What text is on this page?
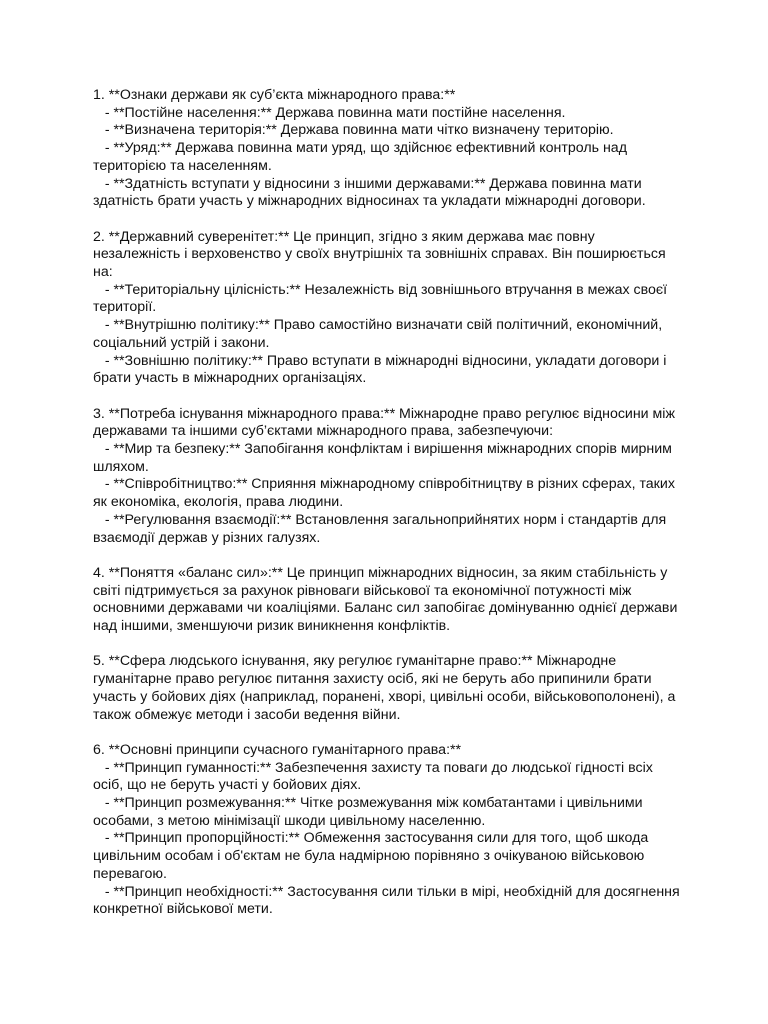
1. **Ознаки держави як суб’єкта міжнародного права:**
- **Постійне населення:** Держава повинна мати постійне населення.
- **Визначена територія:** Держава повинна мати чітко визначену територію.
- **Уряд:** Держава повинна мати уряд, що здійснює ефективний контроль над територією та населенням.
- **Здатність вступати у відносини з іншими державами:** Держава повинна мати здатність брати участь у міжнародних відносинах та укладати міжнародні договори.
2. **Державний суверенітет:** Це принцип, згідно з яким держава має повну незалежність і верховенство у своїх внутрішніх та зовнішніх справах. Він поширюється на:
- **Територіальну цілісність:** Незалежність від зовнішнього втручання в межах своєї території.
- **Внутрішню політику:** Право самостійно визначати свій політичний, економічний, соціальний устрій і закони.
- **Зовнішню політику:** Право вступати в міжнародні відносини, укладати договори і брати участь в міжнародних організаціях.
3. **Потреба існування міжнародного права:** Міжнародне право регулює відносини між державами та іншими суб’єктами міжнародного права, забезпечуючи:
- **Мир та безпеку:** Запобігання конфліктам і вирішення міжнародних спорів мирним шляхом.
- **Співробітництво:** Сприяння міжнародному співробітництву в різних сферах, таких як економіка, екологія, права людини.
- **Регулювання взаємодії:** Встановлення загальноприйнятих норм і стандартів для взаємодії держав у різних галузях.
4. **Поняття «баланс сил»:** Це принцип міжнародних відносин, за яким стабільність у світі підтримується за рахунок рівноваги військової та економічної потужності між основними державами чи коаліціями. Баланс сил запобігає домінуванню однієї держави над іншими, зменшуючи ризик виникнення конфліктів.
5. **Сфера людського існування, яку регулює гуманітарне право:** Міжнародне гуманітарне право регулює питання захисту осіб, які не беруть або припинили брати участь у бойових діях (наприклад, поранені, хворі, цивільні особи, військовополонені), а також обмежує методи і засоби ведення війни.
6. **Основні принципи сучасного гуманітарного права:**
- **Принцип гуманності:** Забезпечення захисту та поваги до людської гідності всіх осіб, що не беруть участі у бойових діях.
- **Принцип розмежування:** Чітке розмежування між комбатантами і цивільними особами, з метою мінімізації шкоди цивільному населенню.
- **Принцип пропорційності:** Обмеження застосування сили для того, щоб шкода цивільним особам і об'єктам не була надмірною порівняно з очікуваною військовою перевагою.
- **Принцип необхідності:** Застосування сили тільки в мірі, необхідній для досягнення конкретної військової мети.
